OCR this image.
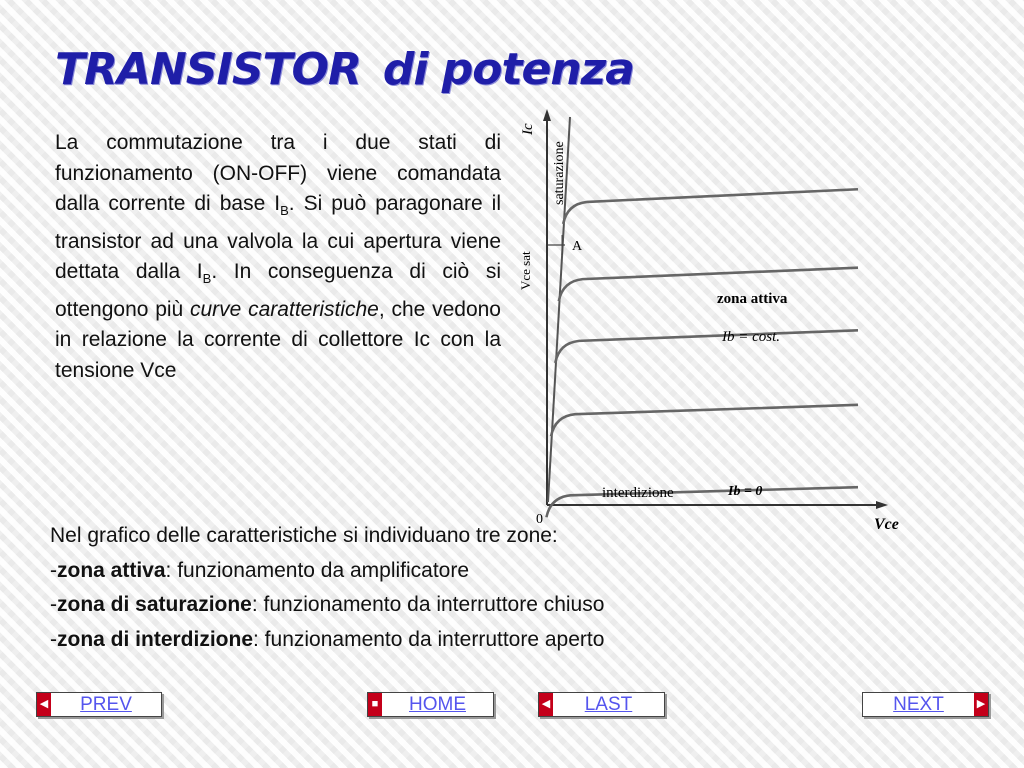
TRANSISTOR di potenza

La commutazione tra i due stati di funzionamento (ON-OFF) viene comandata dalla corrente di base $I_B$. Si può paragonare il transistor ad una valvola la cui apertura viene dettata dalla $I_B$. In conseguenza di ciò si ottengono più curve caratteristiche, che vedono in relazione la corrente di collettore Ic con la tensione Vce

Ic
saturazione
Vce sat
A
zona attiva
Ib = cost.
interdizione	Ib = 0
0	Vce
Nel grafico delle caratteristiche si individuano tre zone:
-zona attiva: funzionamento da amplificatore
-zona di saturazione: funzionamento da interruttore chiuso
-zona di interdizione: funzionamento da interruttore aperto
◀	PREV	■	HOME	◀	LAST	▶
NEXT
